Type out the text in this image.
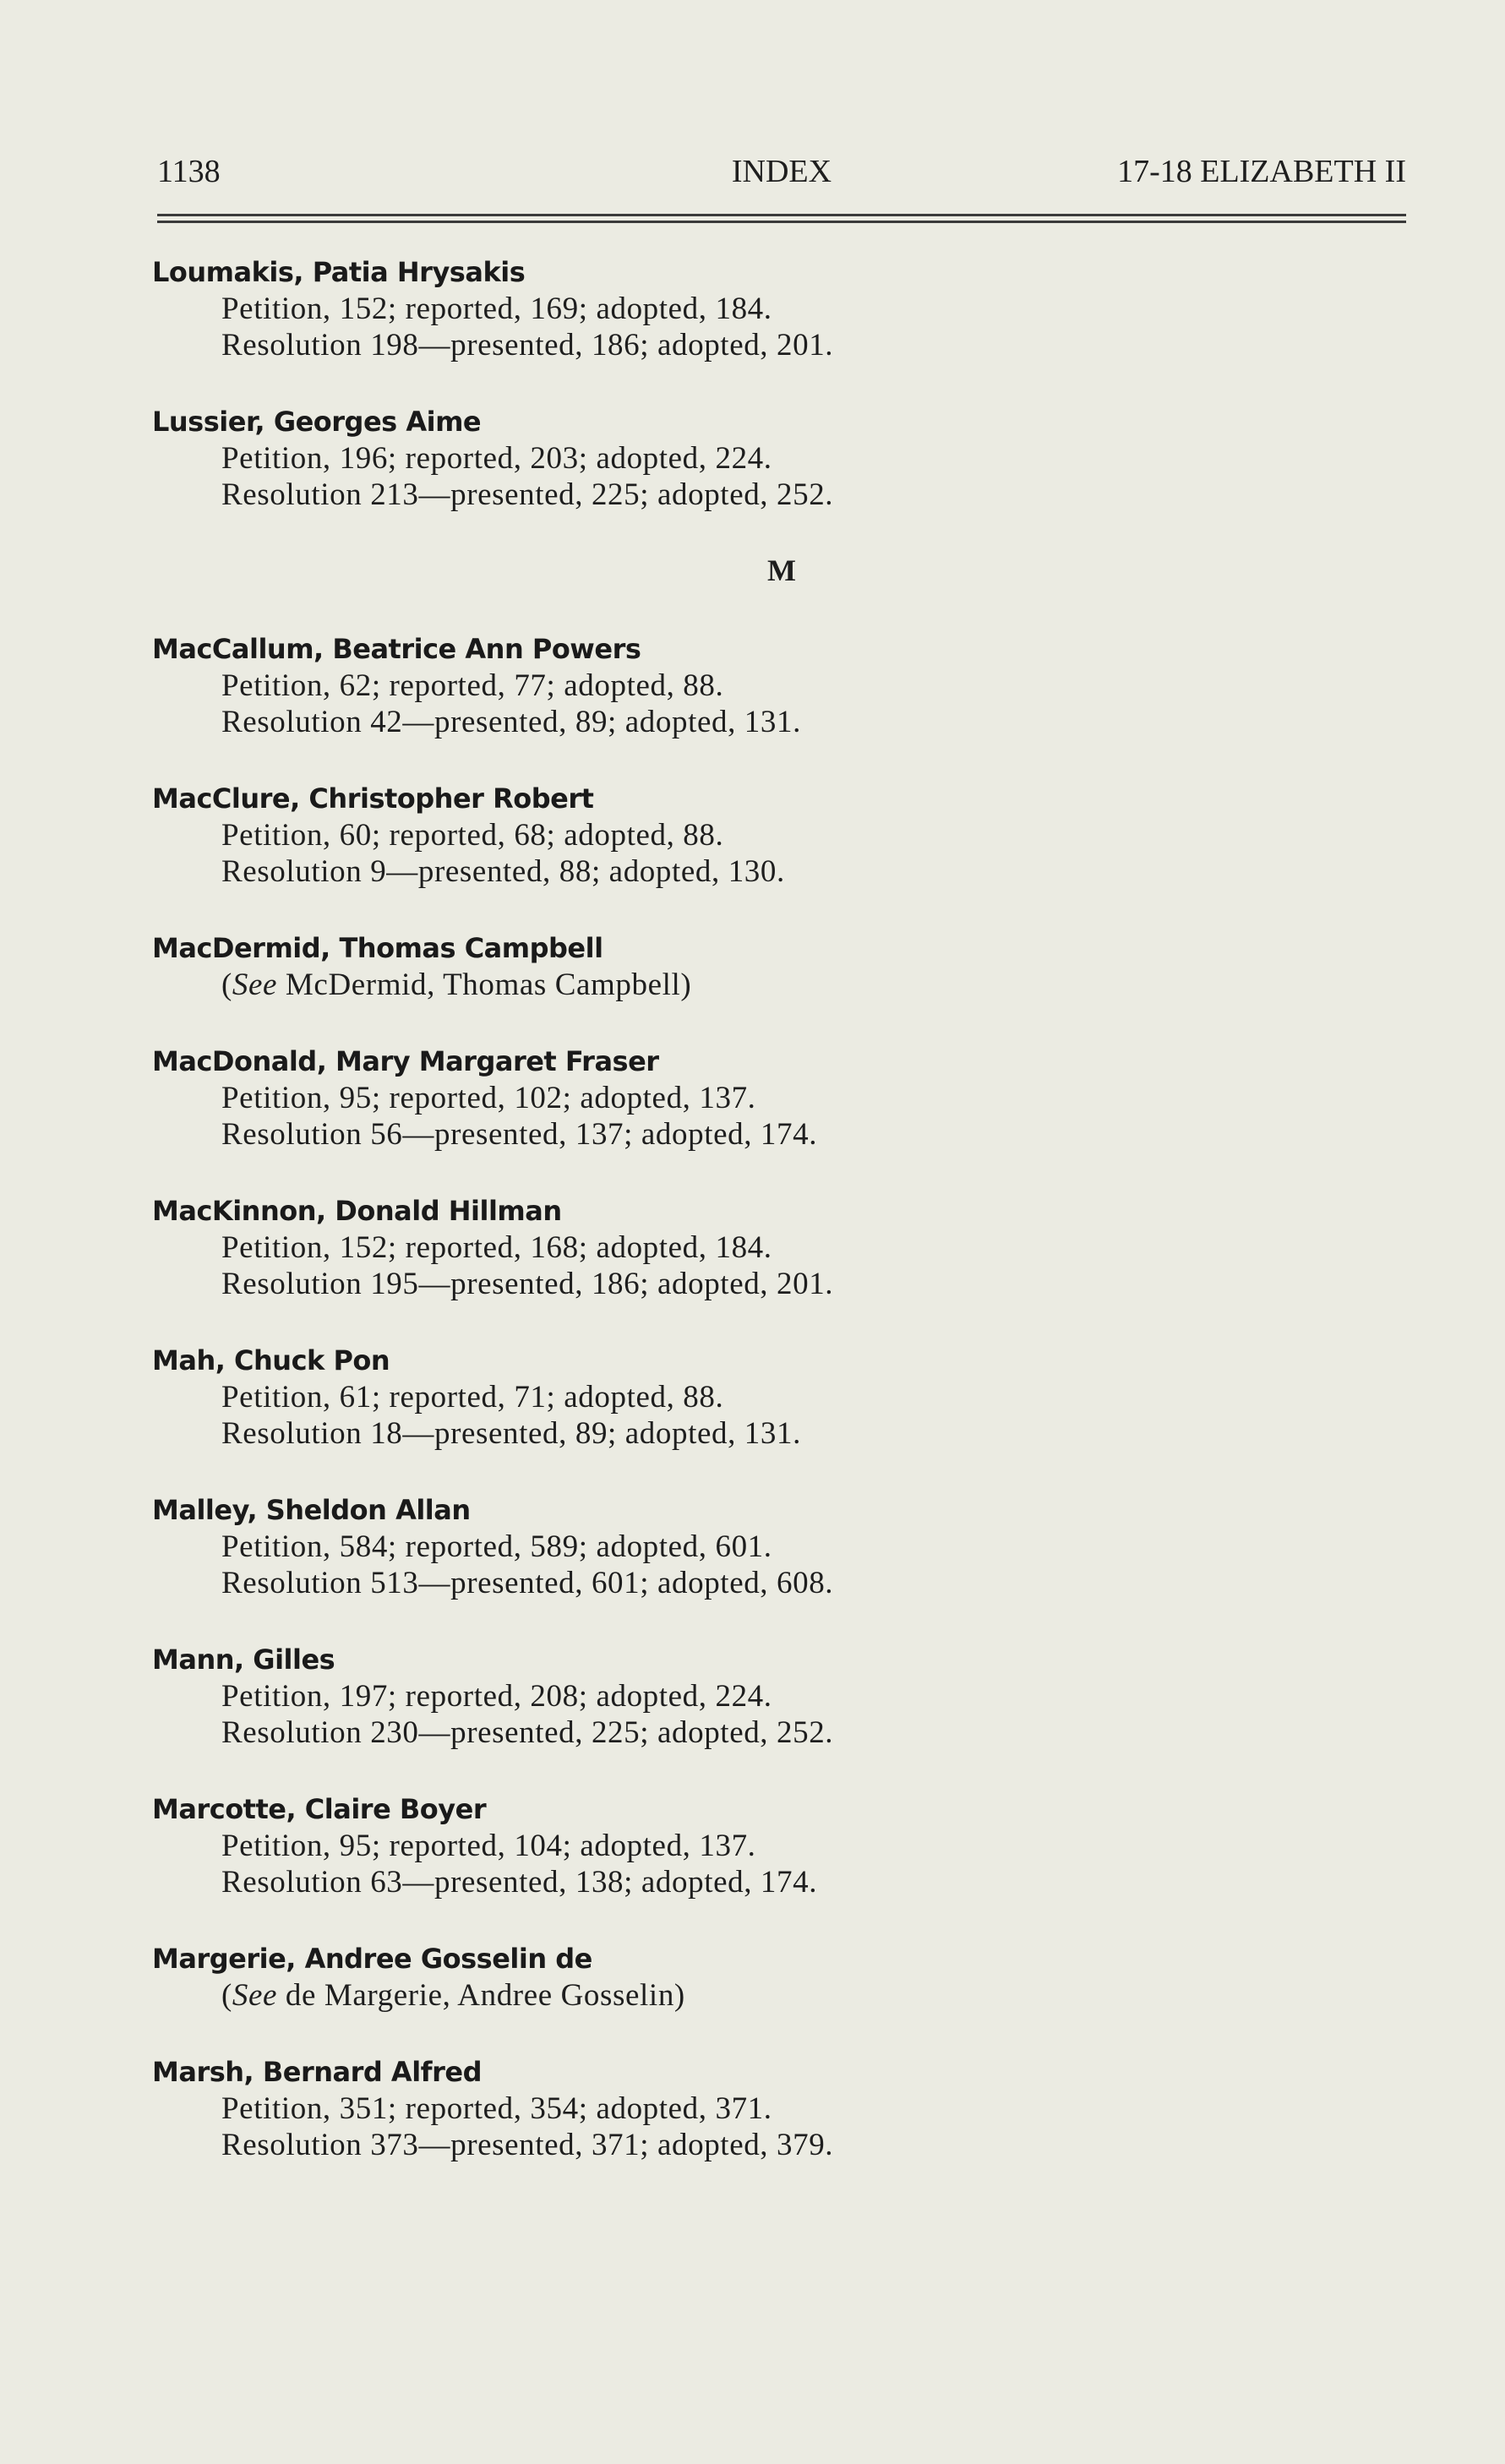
INDEX
1138	17-18 ELIZABETH II
Loumakis, Patia Hrysakis
Petition, 152; reported, 169; adopted, 184.
Resolution 198—presented, 186; adopted, 201.
Lussier, Georges Aime
Petition, 196; reported, 203; adopted, 224.
Resolution 213—presented, 225; adopted, 252.
M
MacCallum, Beatrice Ann Powers
Petition, 62; reported, 77; adopted, 88.
Resolution 42—presented, 89; adopted, 131.
MacClure, Christopher Robert
Petition, 60; reported, 68; adopted, 88.
Resolution 9—presented, 88; adopted, 130.
MacDermid, Thomas Campbell
(See McDermid, Thomas Campbell)
MacDonald, Mary Margaret Fraser
Petition, 95; reported, 102; adopted, 137.
Resolution 56—presented, 137; adopted, 174.
MacKinnon, Donald Hillman
Petition, 152; reported, 168; adopted, 184.
Resolution 195—presented, 186; adopted, 201.
Mah, Chuck Pon
Petition, 61; reported, 71; adopted, 88.
Resolution 18—presented, 89; adopted, 131.
Malley, Sheldon Allan
Petition, 584; reported, 589; adopted, 601.
Resolution 513—presented, 601; adopted, 608.
Mann, Gilles
Petition, 197; reported, 208; adopted, 224.
Resolution 230—presented, 225; adopted, 252.
Marcotte, Claire Boyer
Petition, 95; reported, 104; adopted, 137.
Resolution 63—presented, 138; adopted, 174.
Margerie, Andree Gosselin de
(See de Margerie, Andree Gosselin)
Marsh, Bernard Alfred
Petition, 351; reported, 354; adopted, 371.
Resolution 373—presented, 371; adopted, 379.
